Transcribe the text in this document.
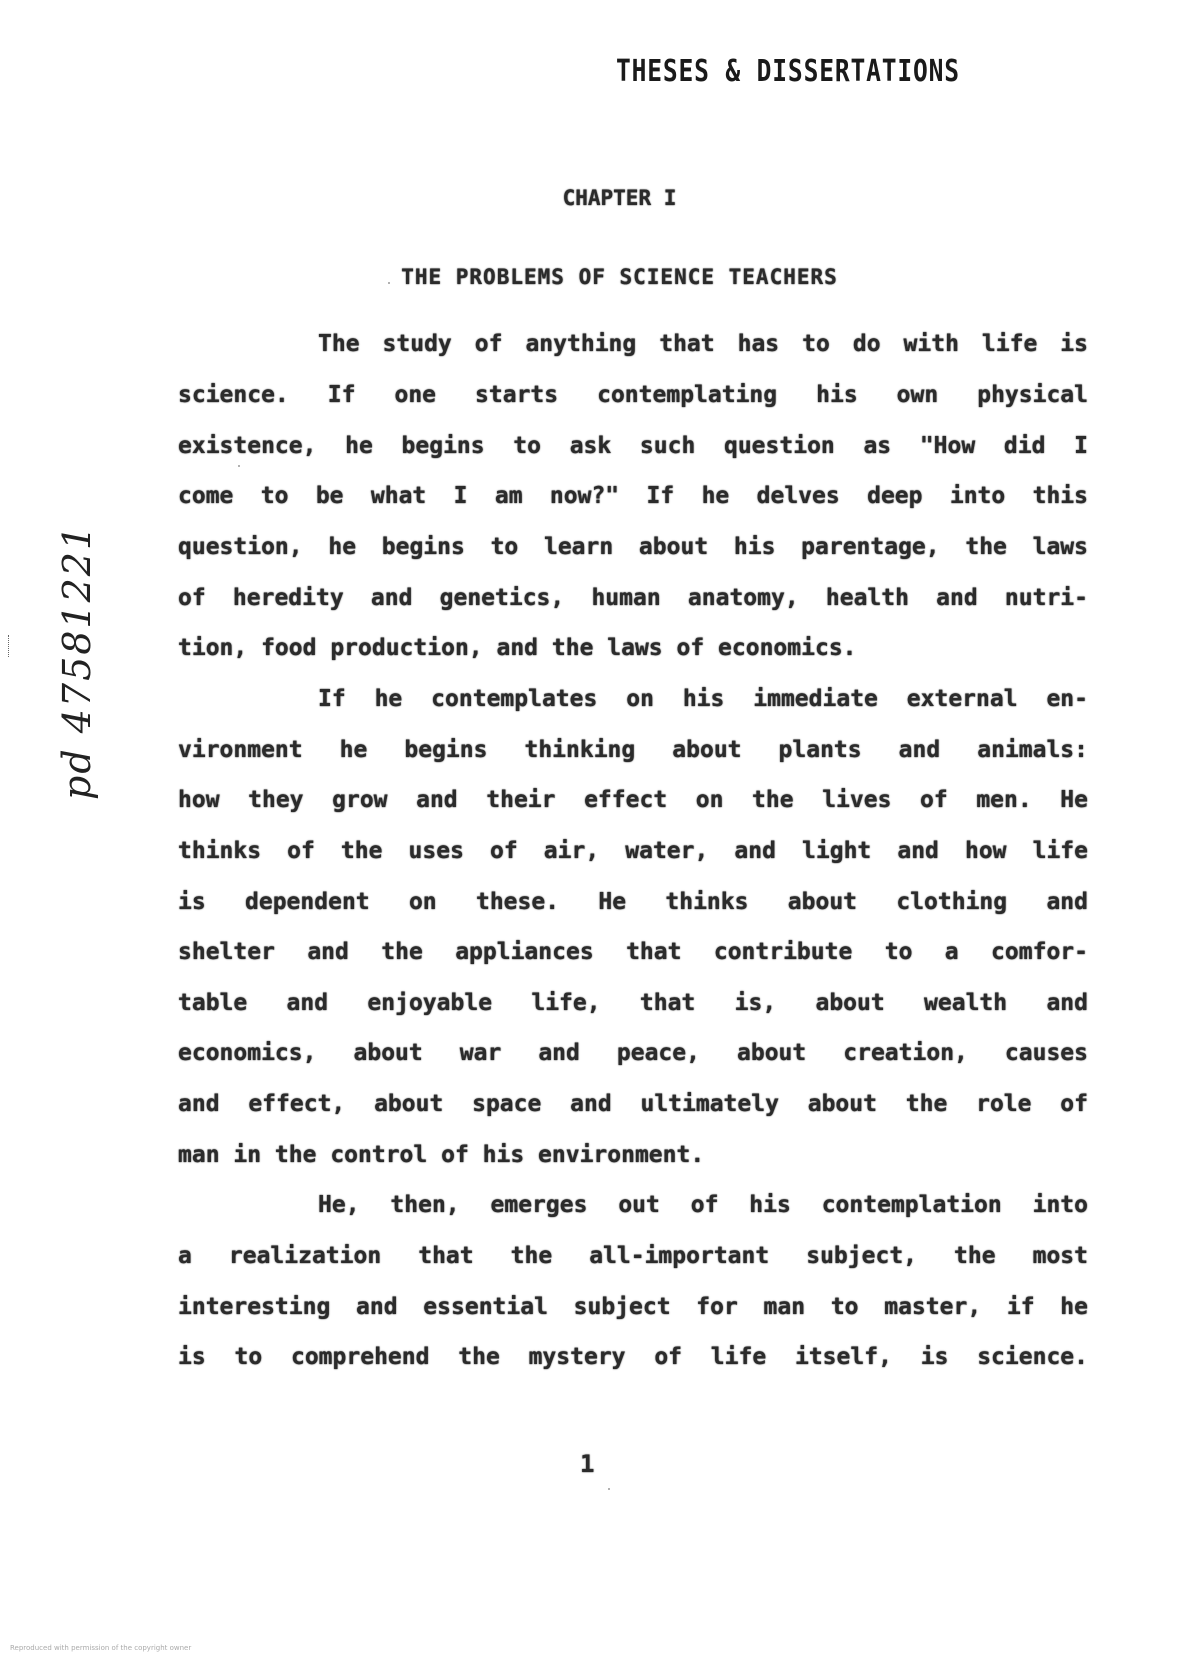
THESES & DISSERTATIONS
CHAPTER I
THE PROBLEMS OF SCIENCE TEACHERS
The study of anything that has to do with life is
science. If one starts contemplating his own physical
existence, he begins to ask such question as "How did I
come to be what I am now?" If he delves deep into this
question, he begins to learn about his parentage, the laws
of heredity and genetics, human anatomy, health and nutri-
tion, food production, and the laws of economics.
If he contemplates on his immediate external en-
vironment he begins thinking about plants and animals:
how they grow and their effect on the lives of men. He
thinks of the uses of air, water, and light and how life
is dependent on these. He thinks about clothing and
shelter and the appliances that contribute to a comfor-
table and enjoyable life, that is, about wealth and
economics, about war and peace, about creation, causes
and effect, about space and ultimately about the role of
man in the control of his environment.
He, then, emerges out of his contemplation into
a realization that the all-important subject, the most
interesting and essential subject for man to master, if he
is to comprehend the mystery of life itself, is science.
1
pd 47581221
Reproduced with permission of the copyright owner
